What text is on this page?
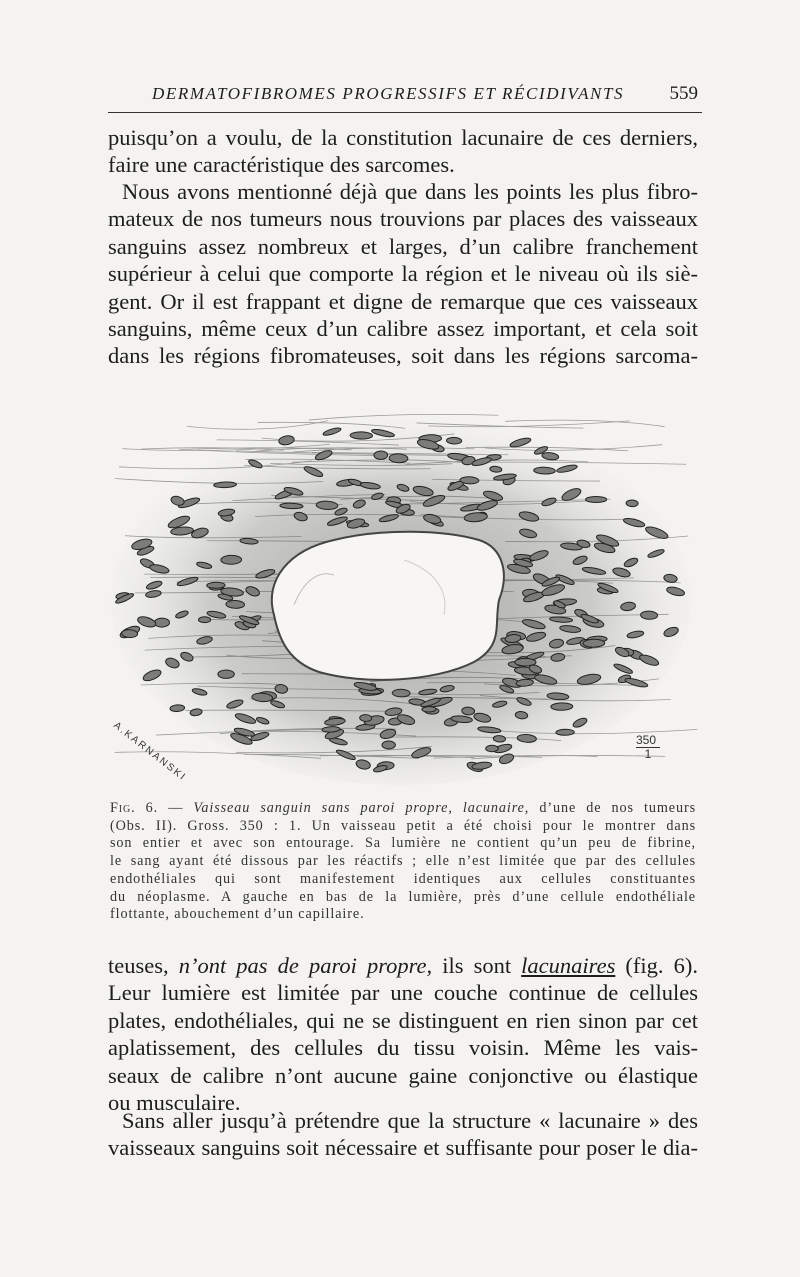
DERMATOFIBROMES PROGRESSIFS ET RÉCIDIVANTS 559

puisqu’on a voulu, de la constitution lacunaire de ces derniers,
faire une caractéristique des sarcomes.

Nous avons mentionné déjà que dans les points les plus fibro-
mateux de nos tumeurs nous trouvions par places des vaisseaux
sanguins assez nombreux et larges, d’un calibre franchement
supérieur à celui que comporte la région et le niveau où ils siè-
gent. Or il est frappant et digne de remarque que ces vaisseaux
sanguins, même ceux d’un calibre assez important, et cela soit
dans les régions fibromateuses, soit dans les régions sarcoma-

A.KARNANSKI	$\frac{350}{1}$
Fig. 6. — Vaisseau sanguin sans paroi propre, lacunaire, d’une de nos tumeurs
(Obs. II). Gross. 350 : 1. Un vaisseau petit a été choisi pour le montrer dans
son entier et avec son entourage. Sa lumière ne contient qu’un peu de fibrine,
le sang ayant été dissous par les réactifs ; elle n’est limitée que par des cellules
endothéliales qui sont manifestement identiques aux cellules constituantes
du néoplasme. A gauche en bas de la lumière, près d’une cellule endothéliale
flottante, abouchement d’un capillaire.

teuses, n’ont pas de paroi propre, ils sont lacunaires (fig. 6).
Leur lumière est limitée par une couche continue de cellules
plates, endothéliales, qui ne se distinguent en rien sinon par cet
aplatissement, des cellules du tissu voisin. Même les vais-
seaux de calibre n’ont aucune gaine conjonctive ou élastique
ou musculaire.

Sans aller jusqu’à prétendre que la structure « lacunaire » des
vaisseaux sanguins soit nécessaire et suffisante pour poser le dia-
